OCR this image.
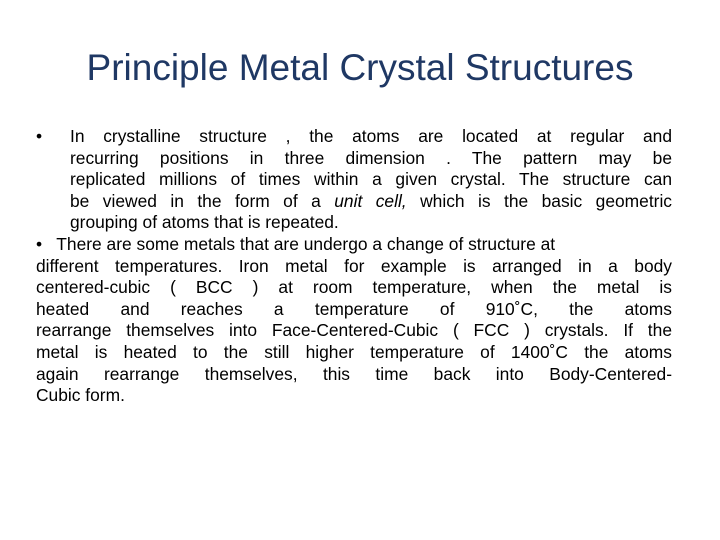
Principle Metal Crystal Structures
•	In crystalline structure , the atoms are located at regular and
recurring positions in three dimension . The pattern may be
replicated millions of times within a given crystal. The structure can
be viewed in the form of a unit cell, which is the basic geometric
grouping of atoms that is repeated.
• There are some metals that are undergo a change of structure at
different temperatures. Iron metal for example is arranged in a body
centered-cubic ( BCC ) at room temperature, when the metal is
heated and reaches a temperature of 910˚C, the atoms
rearrange themselves into Face-Centered-Cubic ( FCC ) crystals. If the
metal is heated to the still higher temperature of 1400˚C the atoms
again rearrange themselves, this time back into Body-Centered-
Cubic form.
